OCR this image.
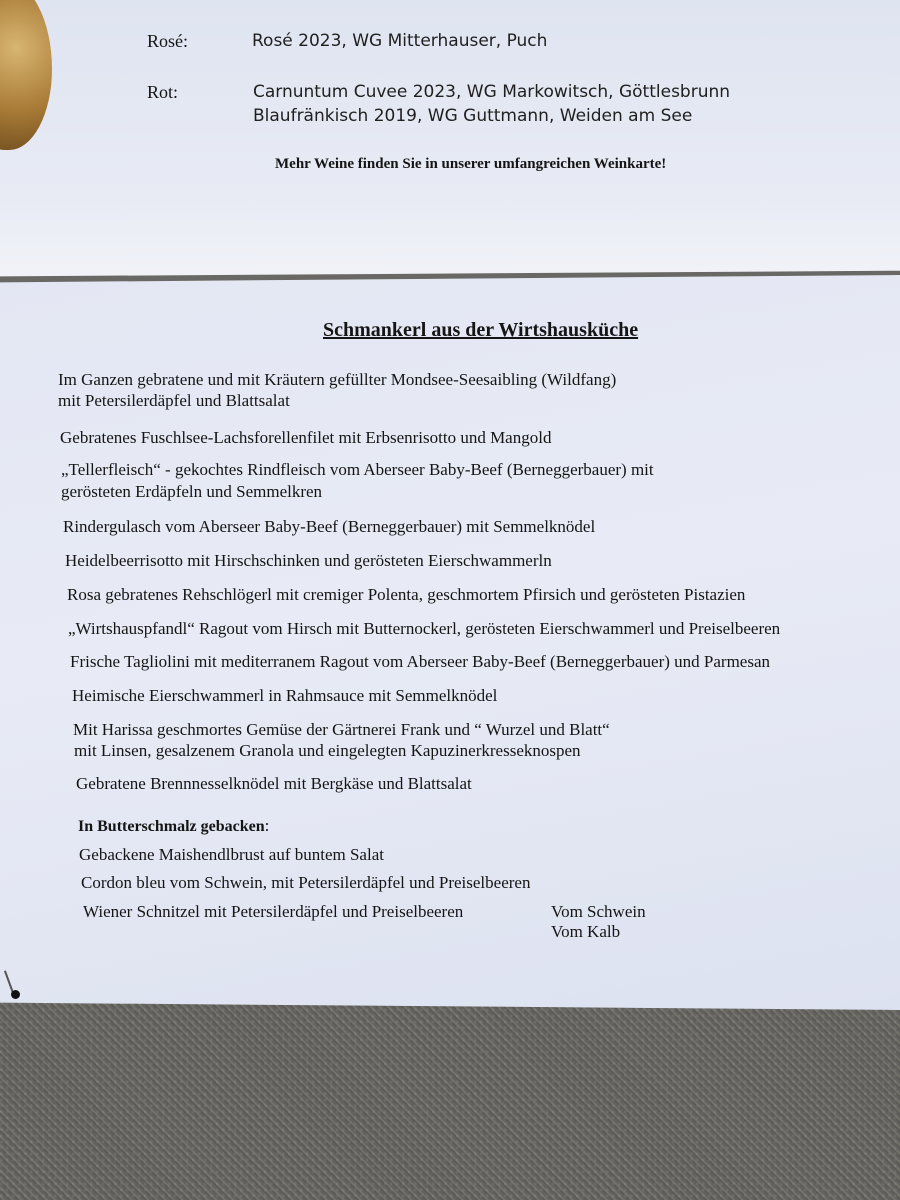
Rosé:	Rosé 2023, WG Mitterhauser, Puch
Rot:	Carnuntum Cuvee 2023, WG Markowitsch, Göttlesbrunn
Blaufränkisch 2019, WG Guttmann, Weiden am See
Mehr Weine finden Sie in unserer umfangreichen Weinkarte!
Schmankerl aus der Wirtshausküche
Im Ganzen gebratene und mit Kräutern gefüllter Mondsee-Seesaibling (Wildfang)
mit Petersilerdäpfel und Blattsalat
Gebratenes Fuschlsee-Lachsforellenfilet mit Erbsenrisotto und Mangold
„Tellerfleisch“ - gekochtes Rindfleisch vom Aberseer Baby-Beef (Berneggerbauer) mit
gerösteten Erdäpfeln und Semmelkren
Rindergulasch vom Aberseer Baby-Beef (Berneggerbauer) mit Semmelknödel
Heidelbeerrisotto mit Hirschschinken und gerösteten Eierschwammerln
Rosa gebratenes Rehschlögerl mit cremiger Polenta, geschmortem Pfirsich und gerösteten Pistazien
„Wirtshauspfandl“ Ragout vom Hirsch mit Butternockerl, gerösteten Eierschwammerl und Preiselbeeren
Frische Tagliolini mit mediterranem Ragout vom Aberseer Baby-Beef (Berneggerbauer) und Parmesan
Heimische Eierschwammerl in Rahmsauce mit Semmelknödel
Mit Harissa geschmortes Gemüse der Gärtnerei Frank und “ Wurzel und Blatt“
mit Linsen, gesalzenem Granola und eingelegten Kapuzinerkresseknospen
Gebratene Brennnesselknödel mit Bergkäse und Blattsalat
In Butterschmalz gebacken:
Gebackene Maishendlbrust auf buntem Salat
Cordon bleu vom Schwein, mit Petersilerdäpfel und Preiselbeeren
Wiener Schnitzel mit Petersilerdäpfel und Preiselbeeren	Vom Schwein
Vom Kalb
